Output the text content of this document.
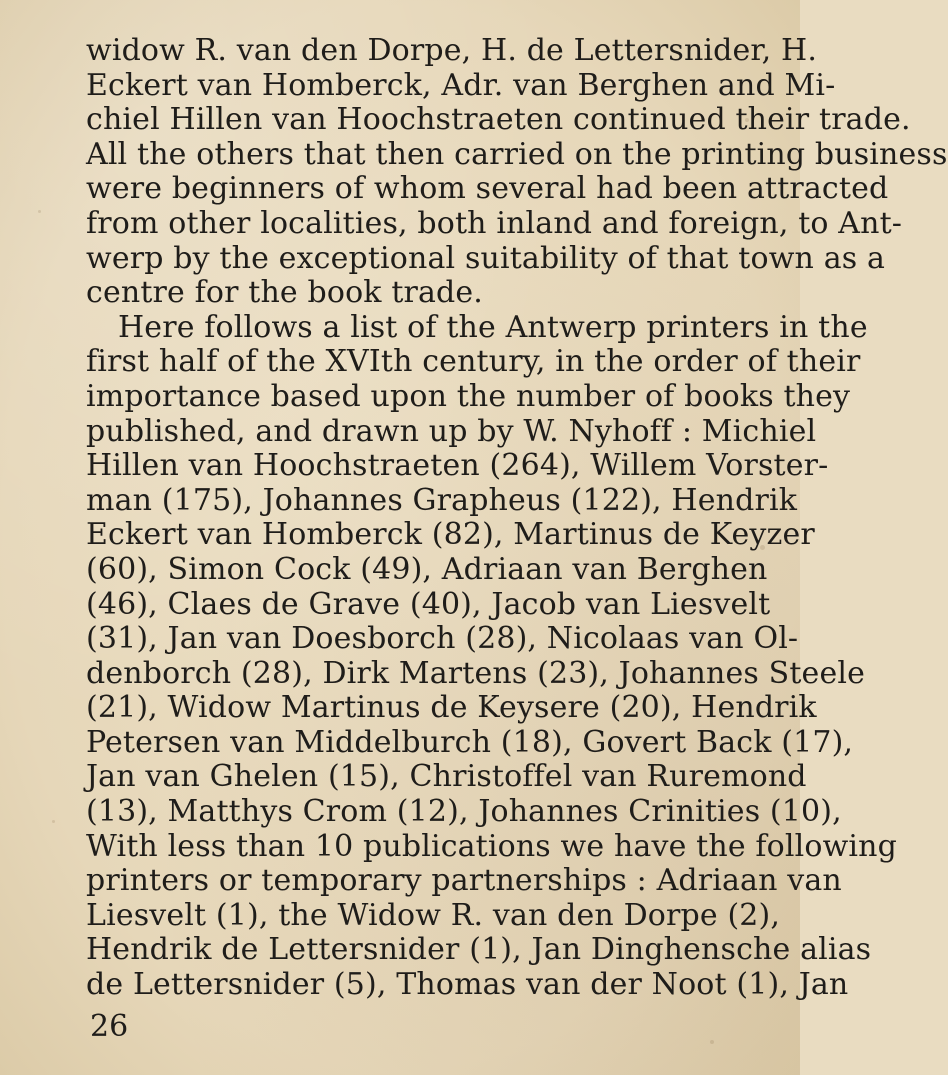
widow R. van den Dorpe, H. de Lettersnider, H.
Eckert van Homberck, Adr. van Berghen and Mi-
chiel Hillen van Hoochstraeten continued their trade.
All the others that then carried on the printing business
were beginners of whom several had been attracted
from other localities, both inland and foreign, to Ant-
werp by the exceptional suitability of that town as a
centre for the book trade.
Here follows a list of the Antwerp printers in the
first half of the XVIth century, in the order of their
importance based upon the number of books they
published, and drawn up by W. Nyhoff : Michiel
Hillen van Hoochstraeten (264), Willem Vorster-
man (175), Johannes Grapheus (122), Hendrik
Eckert van Homberck (82), Martinus de Keyzer
(60), Simon Cock (49), Adriaan van Berghen
(46), Claes de Grave (40), Jacob van Liesvelt
(31), Jan van Doesborch (28), Nicolaas van Ol-
denborch (28), Dirk Martens (23), Johannes Steele
(21), Widow Martinus de Keysere (20), Hendrik
Petersen van Middelburch (18), Govert Back (17),
Jan van Ghelen (15), Christoffel van Ruremond
(13), Matthys Crom (12), Johannes Crinities (10),
With less than 10 publications we have the following
printers or temporary partnerships : Adriaan van
Liesvelt (1), the Widow R. van den Dorpe (2),
Hendrik de Lettersnider (1), Jan Dinghensche alias
de Lettersnider (5), Thomas van der Noot (1), Jan
26
